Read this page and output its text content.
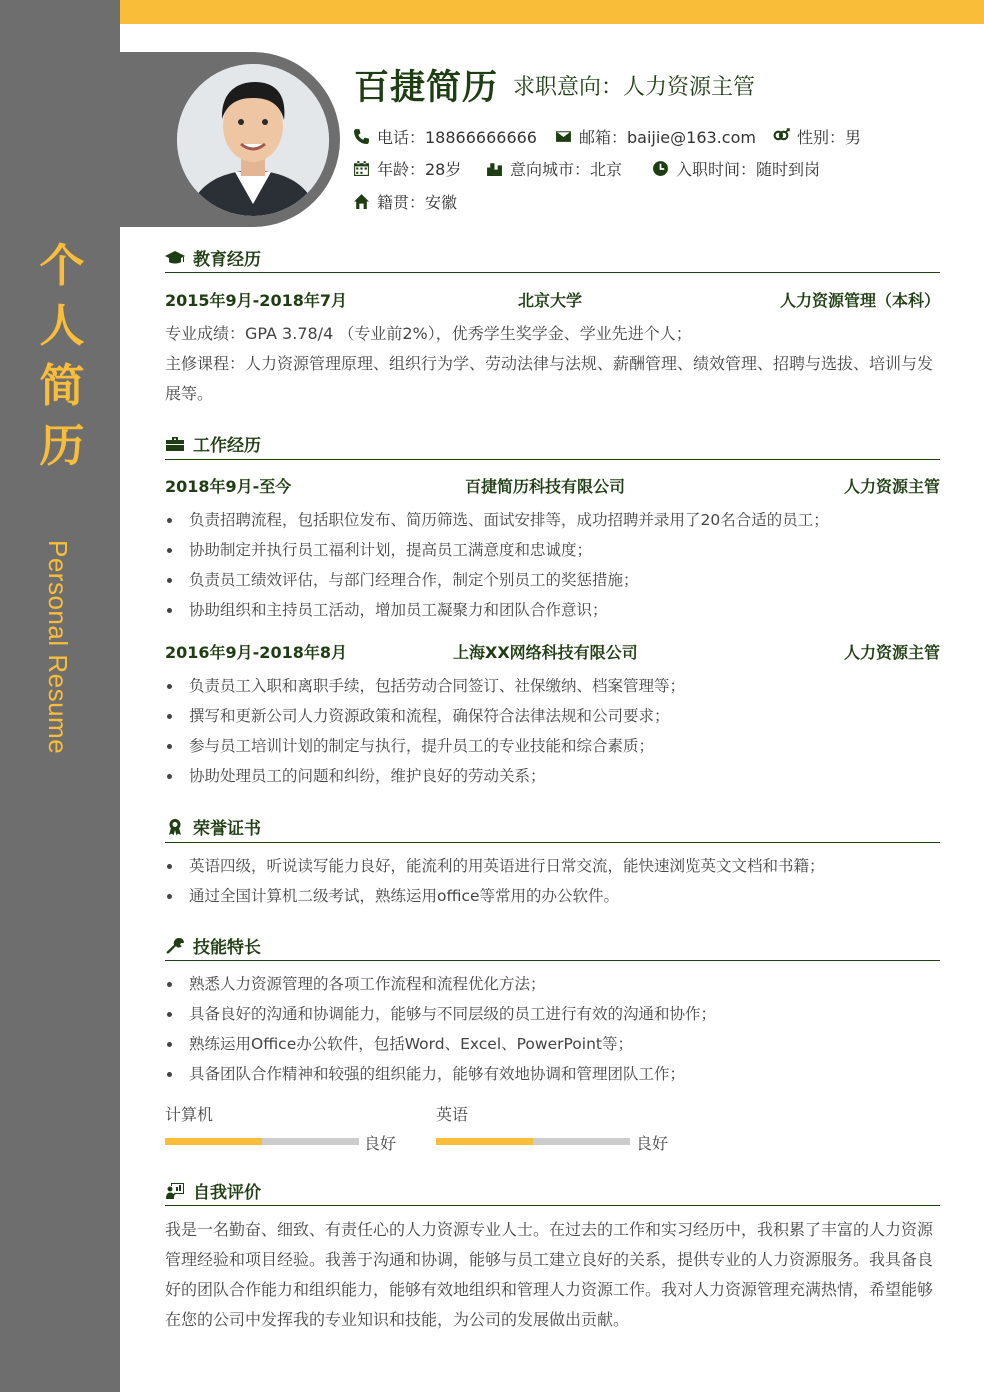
个
人
简
历
Personal Resume
百捷简历 求职意向：人力资源主管
电话：18866666666	邮箱：baijie@163.com	性别：男
年龄：28岁	意向城市：北京	入职时间：随时到岗
籍贯：安徽
教育经历
2015年9月-2018年7月	北京大学	人力资源管理（本科）
专业成绩：GPA 3.78/4 （专业前2%），优秀学生奖学金、学业先进个人；
主修课程：人力资源管理原理、组织行为学、劳动法律与法规、薪酬管理、绩效管理、招聘与选拔、培训与发展等。
工作经历
2018年9月-至今	百捷简历科技有限公司	人力资源主管
负责招聘流程，包括职位发布、简历筛选、面试安排等，成功招聘并录用了20名合适的员工；
协助制定并执行员工福利计划，提高员工满意度和忠诚度；
负责员工绩效评估，与部门经理合作，制定个别员工的奖惩措施；
协助组织和主持员工活动，增加员工凝聚力和团队合作意识；
2016年9月-2018年8月	上海XX网络科技有限公司	人力资源主管
负责员工入职和离职手续，包括劳动合同签订、社保缴纳、档案管理等；
撰写和更新公司人力资源政策和流程，确保符合法律法规和公司要求；
参与员工培训计划的制定与执行，提升员工的专业技能和综合素质；
协助处理员工的问题和纠纷，维护良好的劳动关系；
荣誉证书
英语四级，听说读写能力良好，能流利的用英语进行日常交流，能快速浏览英文文档和书籍；
通过全国计算机二级考试，熟练运用office等常用的办公软件。
技能特长
熟悉人力资源管理的各项工作流程和流程优化方法；
具备良好的沟通和协调能力，能够与不同层级的员工进行有效的沟通和协作；
熟练运用Office办公软件，包括Word、Excel、PowerPoint等；
具备团队合作精神和较强的组织能力，能够有效地协调和管理团队工作；
计算机
良好
英语
良好
自我评价
我是一名勤奋、细致、有责任心的人力资源专业人士。在过去的工作和实习经历中，我积累了丰富的人力资源管理经验和项目经验。我善于沟通和协调，能够与员工建立良好的关系，提供专业的人力资源服务。我具备良好的团队合作能力和组织能力，能够有效地组织和管理人力资源工作。我对人力资源管理充满热情，希望能够在您的公司中发挥我的专业知识和技能，为公司的发展做出贡献。
